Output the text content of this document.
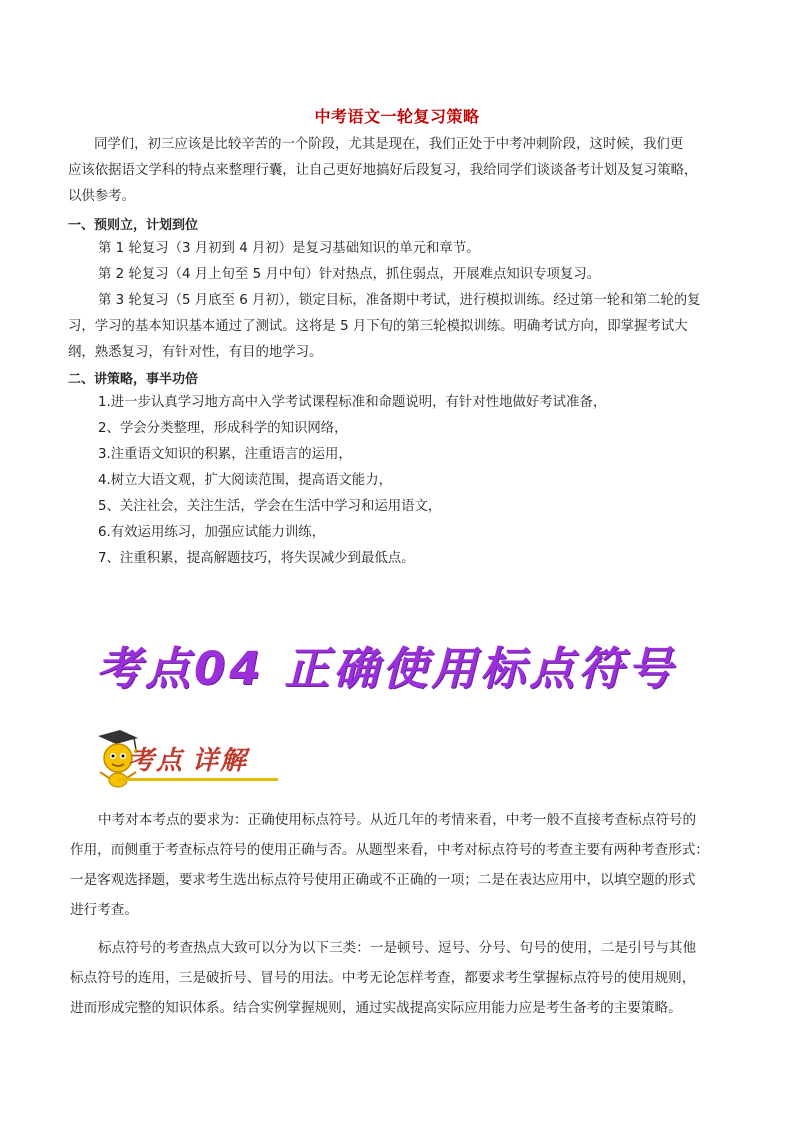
中考语文一轮复习策略
同学们，初三应该是比较辛苦的一个阶段，尤其是现在，我们正处于中考冲刺阶段，这时候，我们更
应该依据语文学科的特点来整理行囊，让自己更好地搞好后段复习，我给同学们谈谈备考计划及复习策略，
以供参考。
一、预则立，计划到位
第 1 轮复习（3 月初到 4 月初）是复习基础知识的单元和章节。
第 2 轮复习（4 月上旬至 5 月中旬）针对热点，抓住弱点，开展难点知识专项复习。
第 3 轮复习（5 月底至 6 月初），锁定目标，准备期中考试，进行模拟训练。经过第一轮和第二轮的复
习，学习的基本知识基本通过了测试。这将是 5 月下旬的第三轮模拟训练。明确考试方向，即掌握考试大
纲，熟悉复习，有针对性，有目的地学习。
二、讲策略，事半功倍
1.进一步认真学习地方高中入学考试课程标准和命题说明，有针对性地做好考试准备，
2、学会分类整理，形成科学的知识网络，
3.注重语文知识的积累，注重语言的运用，
4.树立大语文观，扩大阅读范围，提高语文能力，
5、关注社会，关注生活，学会在生活中学习和运用语文，
6.有效运用练习，加强应试能力训练，
7、注重积累，提高解题技巧，将失误减少到最低点。
考点04 正确使用标点符号
考点 详解
中考对本考点的要求为：正确使用标点符号。从近几年的考情来看，中考一般不直接考查标点符号的
作用，而侧重于考查标点符号的使用正确与否。从题型来看，中考对标点符号的考查主要有两种考查形式：
一是客观选择题，要求考生选出标点符号使用正确或不正确的一项；二是在表达应用中，以填空题的形式
进行考查。
标点符号的考查热点大致可以分为以下三类：一是顿号、逗号、分号、句号的使用，二是引号与其他
标点符号的连用，三是破折号、冒号的用法。中考无论怎样考查，都要求考生掌握标点符号的使用规则，
进而形成完整的知识体系。结合实例掌握规则，通过实战提高实际应用能力应是考生备考的主要策略。
